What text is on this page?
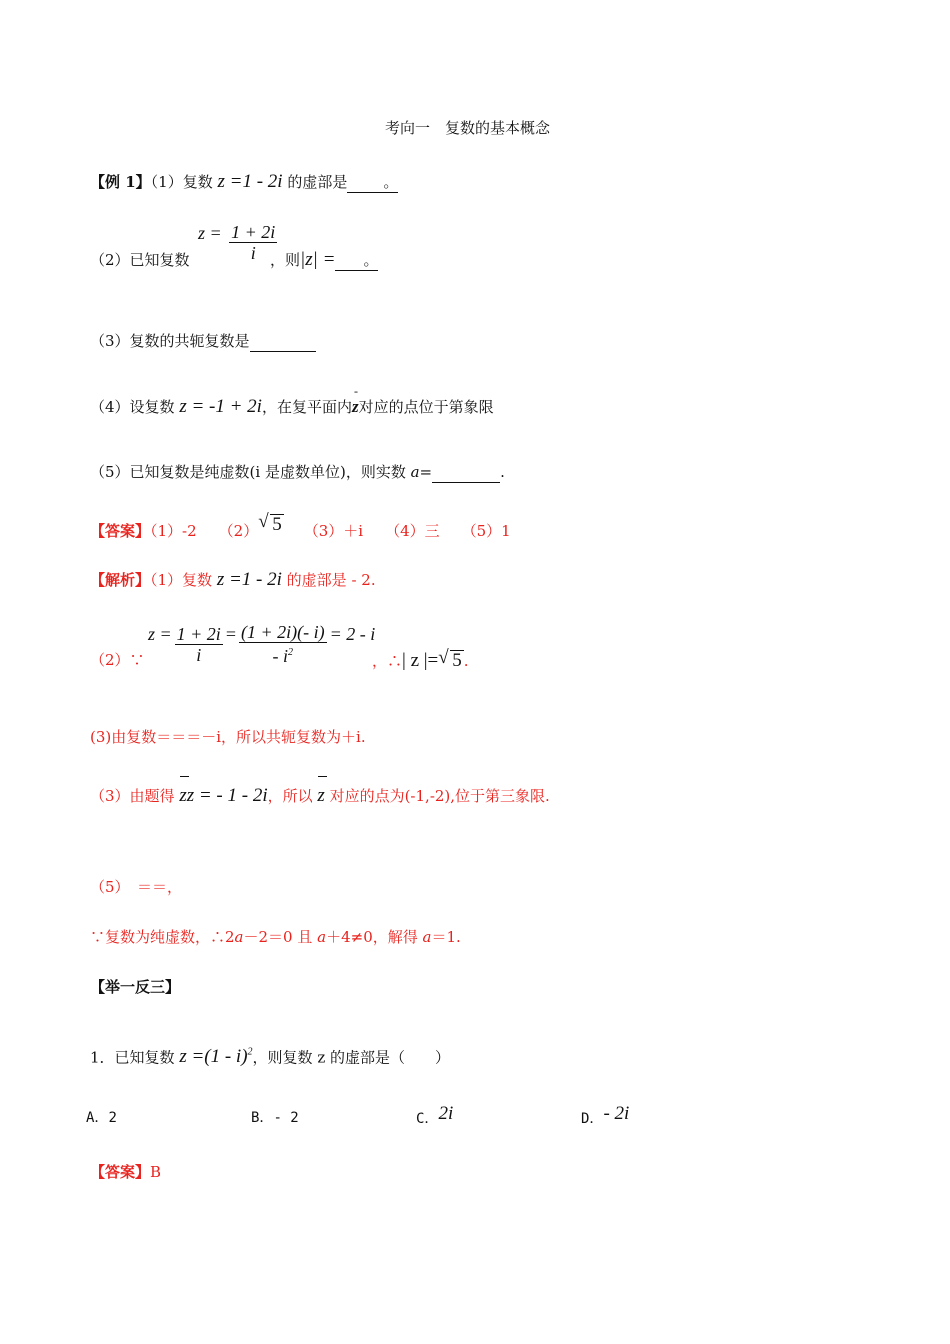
考向一　复数的基本概念
【例 1】（1）复数 z =1 - 2i 的虚部是 。
（2）已知复数
$z = \frac{1 + 2i}{i}$
，则|z| = 。
（3）复数的共轭复数是
（4）设复数 z = -1 + 2i，在复平面内
-
z对应的点位于第象限
（5）已知复数是纯虚数(i 是虚数单位)，则实数 a=	.
【答案】（1）-2 （2） √ 5 （3）＋i （4）三 （5）1
【解析】（1）复数 z =1 - 2i 的虚部是 - 2.
（2）∵
$z = \frac{1 + 2i}{i} = \frac{(1 + 2i)(- i)}{- i^2} = 2 - i$
，∴| z |= √ 5 .
(3)由复数＝＝＝－i，所以共轭复数为＋i.
（3）由题得
zz = - 1 - 2i，所以
z 对应的点为(-1,-2),位于第三象限.
（5）　＝＝，
∵复数为纯虚数，∴2a－2＝0 且 a＋4≠0，解得 a＝1.
【举一反三】
1．已知复数 z =(1 - i)$^2$，则复数 z 的虚部是（　　）
A．2	B．- 2	C．2i	D．- 2i
【答案】B
